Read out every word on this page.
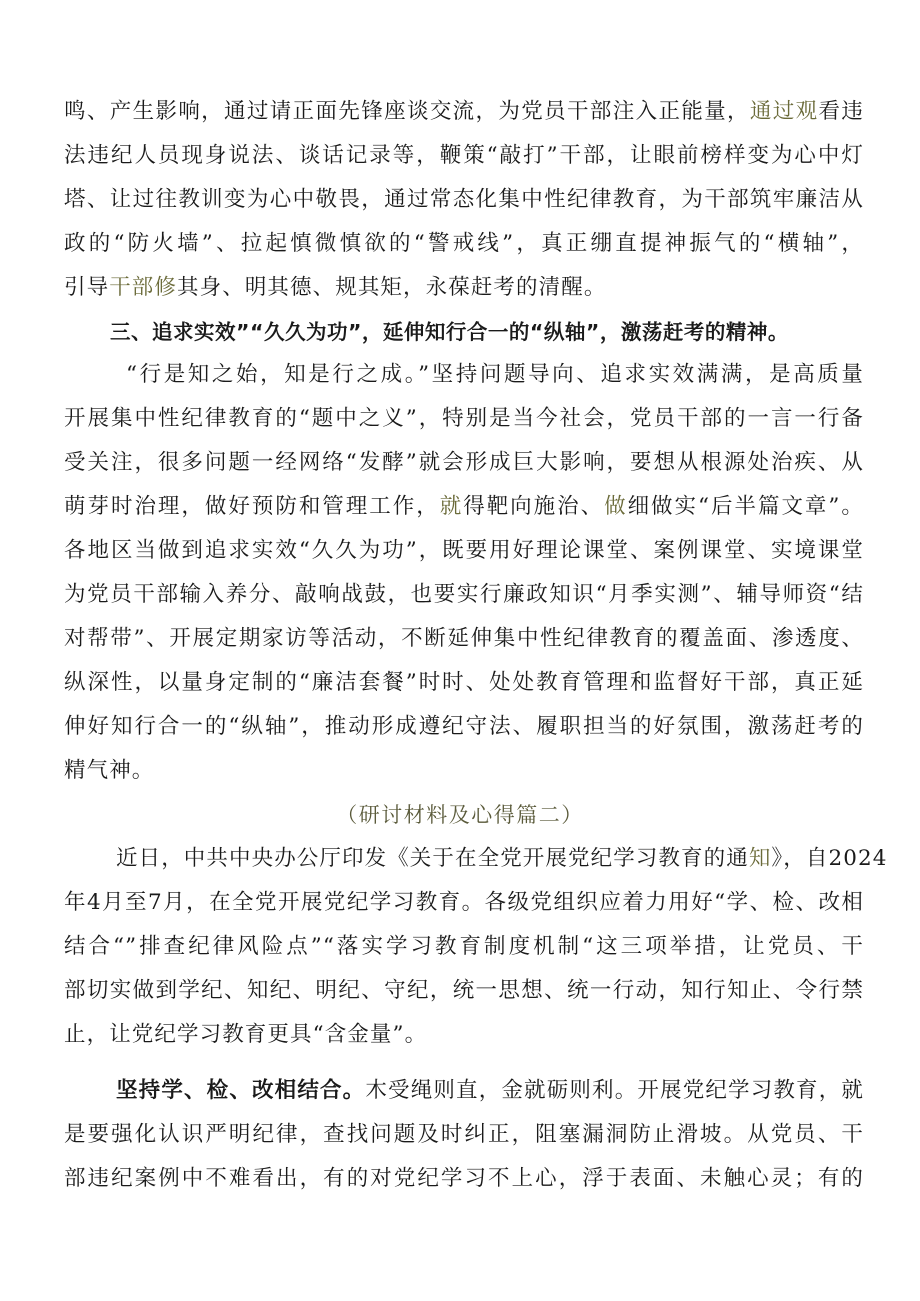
鸣、产生影响，通过请正面先锋座谈交流，为党员干部注入正能量，通过观看违
法违纪人员现身说法、谈话记录等，鞭策“敲打”干部，让眼前榜样变为心中灯
塔、让过往教训变为心中敬畏，通过常态化集中性纪律教育，为干部筑牢廉洁从
政的“防火墙”、拉起慎微慎欲的“警戒线”，真正绷直提神振气的“横轴”，
引导干部修其身、明其德、规其矩，永葆赶考的清醒。
三、追求实效”“久久为功”，延伸知行合一的“纵轴”，激荡赶考的精神。
“行是知之始，知是行之成。”坚持问题导向、追求实效满满，是高质量
开展集中性纪律教育的“题中之义”，特别是当今社会，党员干部的一言一行备
受关注，很多问题一经网络“发酵”就会形成巨大影响，要想从根源处治疾、从
萌芽时治理，做好预防和管理工作，就得靶向施治、做细做实“后半篇文章”。
各地区当做到追求实效“久久为功”，既要用好理论课堂、案例课堂、实境课堂
为党员干部输入养分、敲响战鼓，也要实行廉政知识“月季实测”、辅导师资“结
对帮带”、开展定期家访等活动，不断延伸集中性纪律教育的覆盖面、渗透度、
纵深性，以量身定制的“廉洁套餐”时时、处处教育管理和监督好干部，真正延
伸好知行合一的“纵轴”，推动形成遵纪守法、履职担当的好氛围，激荡赶考的
精气神。
（研讨材料及心得篇二）
近日，中共中央办公厅印发《关于在全党开展党纪学习教育的通知》，自2024
年4月至7月，在全党开展党纪学习教育。各级党组织应着力用好“学、检、改相
结合“”排查纪律风险点”“落实学习教育制度机制“这三项举措，让党员、干
部切实做到学纪、知纪、明纪、守纪，统一思想、统一行动，知行知止、令行禁
止，让党纪学习教育更具“含金量”。
坚持学、检、改相结合。木受绳则直，金就砺则利。开展党纪学习教育，就
是要强化认识严明纪律，查找问题及时纠正，阻塞漏洞防止滑坡。从党员、干
部违纪案例中不难看出，有的对党纪学习不上心，浮于表面、未触心灵；有的
